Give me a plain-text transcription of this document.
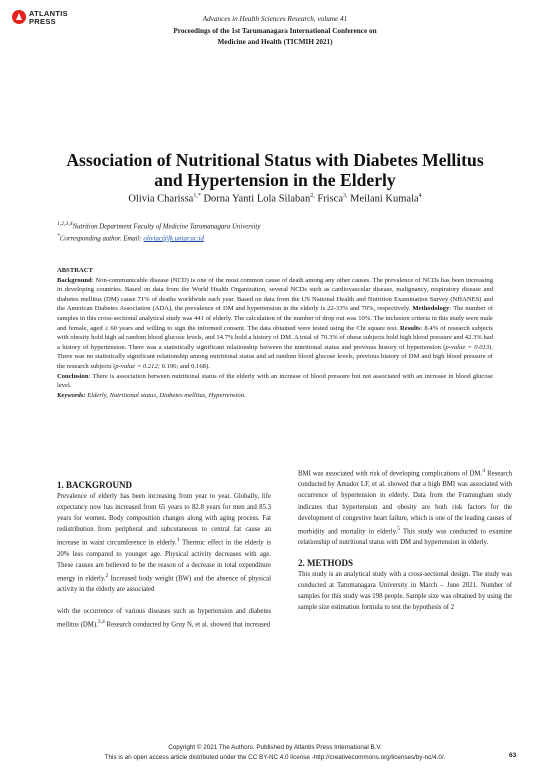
ATLANTIS
PRESS	Advances in Health Sciences Research, volume 41
Proceedings of the 1st Tarumanagara International Conference on
Medicine and Health (TICMIH 2021)
Association of Nutritional Status with Diabetes Mellitus
and Hypertension in the Elderly
Olivia Charissa$^{1,*}$ Dorna Yanti Lola Silaban$^{2,}$ Frisca$^{3,}$ Meilani Kumala$^4$
$^{1,2,3,4}$Nutrition Department Faculty of Medicine Tarumanagara University
*Corresponding author. Email: oliviac@fk.untar.ac.id
ABSTRACT

Background: Non-communicable disease (NCD) is one of the most common cause of death among any other causes. The prevalence of NCDs has been increasing in developing countries. Based on data from the World Health Organization, several NCDs such as cardiovascular disease, malignancy, respiratory disease and diabetes mellitus (DM) cause 71% of deaths worldwide each year. Based on data from the US National Health and Nutrition Examination Survey (NHANES) and the American Diabetes Association (ADA), the prevalence of DM and hypertension in the elderly is 22-33% and 70%, respectively. Methodology: The number of samples in this cross-sectional analytical study was 441 of elderly. The calculation of the number of drop out was 10%. The inclusion criteria in this study were male and female, aged ≥ 60 years and willing to sign the informed consent. The data obtained were tested using the Chi square test. Results: 8.4% of research subjects with obesity hold high ad random blood glucose levels, and 14.7% hold a history of DM. A total of 70.3% of obese subjects hold high blood pressure and 42.3% had a history of hypertension. There was a statistically significant relationship between the nutritional status and previous history of hypertension (p-value = 0.013). There was no statistically significant relationship among nutritional status and ad random blood glucose levels, previous history of DM and high blood pressure of the research subjects (p-value = 0.212; 0.196; and 0.168).

Conclusion: There is association between nutritional status of the elderly with an increase of blood pressure but not associated with an increase in blood glucose level.

Keywords: Elderly, Nutritional status, Diabetes mellitus, Hypertension.

1. BACKGROUND

Prevalence of elderly has been increasing from year to year. Globally, life expectancy now has increased from 65 years to 82.8 years for men and 85.3 years for women. Body composition changes along with aging process. Fat redistribution from peripheral and subcutaneous to central fat cause an increase in waist circumference in elderly.$^1$ Thermic effect in the elderly is 20% less compared to younger age. Physical activity decreases with age. These causes are believed to be the reason of a decrease in total expenditure energy in elderly.$^2$ Increased body weight (BW) and the absence of physical activity in the elderly are associated

with the occurrence of various diseases such as hypertension and diabetes mellitus (DM).$^{3,4}$ Research conducted by Gruy N, et al. showed that increased

BMI was associated with risk of developing complications of DM.$^4$ Research conducted by Amador LF, et al. showed that a high BMI was associated with occurrence of hypertension in elderly. Data from the Framingham study indicates that hypertension and obesity are both risk factors for the development of congestive heart failure, which is one of the leading causes of morbidity and mortality in elderly.$^5$ This study was conducted to examine relationship of nutritional status with DM and hypertension in elderly.

2. METHODS

This study is an analytical study with a cross-sectional design. The study was conducted at Tarumanagara University in March – June 2021. Number of samples for this study was 198 people. Sample size was obtained by using the sample size estimation formula to test the hypothesis of 2

Copyright © 2021 The Authors. Published by Atlantis Press International B.V.
This is an open access article distributed under the CC BY-NC 4.0 license -http://creativecommons.org/licenses/by-nc/4.0/.	63
